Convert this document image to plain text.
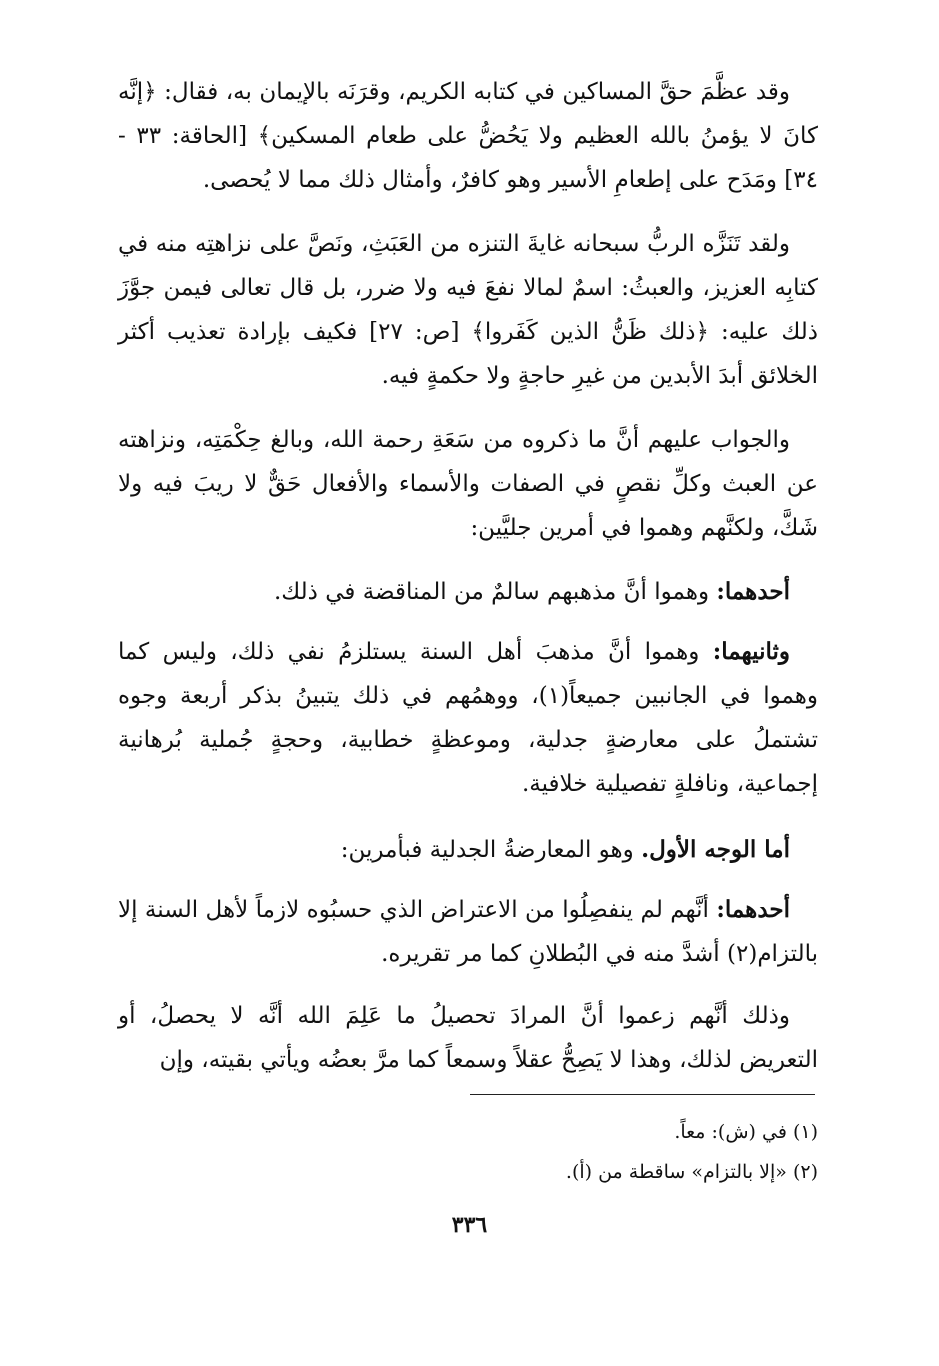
وقد عظَّمَ حقَّ المساكين في كتابه الكريم، وقرَنَه بالإيمان به، فقال: ﴿إنَّه كانَ لا يؤمنُ بالله العظيم ولا يَحُضُّ على طعام المسكين﴾ [الحاقة: ٣٣ - ٣٤] ومَدَح على إطعامِ الأسير وهو كافرٌ، وأمثال ذلك مما لا يُحصى.

ولقد تَنَزَّه الربُّ سبحانه غايةَ التنزه من العَبَثِ، ونَصَّ على نزاهتِه منه في كتابِه العزيز، والعبثُ: اسمٌ لمالا نفعَ فيه ولا ضرر، بل قال تعالى فيمن جوَّزَ ذلك عليه: ﴿ذلك ظَنُّ الذين كَفَروا﴾ [ص: ٢٧] فكيف بإرادة تعذيب أكثر الخلائق أبدَ الأبدين من غيرِ حاجةٍ ولا حكمةٍ فيه.

والجواب عليهم أنَّ ما ذكروه من سَعَةِ رحمة الله، وبالغ حِكْمَتِه، ونزاهته عن العبث وكلِّ نقصٍ في الصفات والأسماء والأفعال حَقٌّ لا ريبَ فيه ولا شَكَّ، ولكنَّهم وهموا في أمرين جليَّين:

أحدهما: وهموا أنَّ مذهبهم سالمٌ من المناقضة في ذلك.

وثانيهما: وهموا أنَّ مذهبَ أهل السنة يستلزمُ نفي ذلك، وليس كما وهموا في الجانبين جميعاً(١)، ووهمُهم في ذلك يتبينُ بذكر أربعة وجوه تشتملُ على معارضةٍ جدلية، وموعظةٍ خطابية، وحجةٍ جُملية بُرهانية إجماعية، ونافلةٍ تفصيلية خلافية.

أما الوجه الأول. وهو المعارضةُ الجدلية فبأمرين:

أحدهما: أنَّهم لم ينفصِلُوا من الاعتراض الذي حسبُوه لازماً لأهل السنة إلا بالتزام(٢) أشدَّ منه في البُطلانِ كما مر تقريره.

وذلك أنَّهم زعموا أنَّ المرادَ تحصيلُ ما عَلِمَ الله أنَّه لا يحصلُ، أو التعريض لذلك، وهذا لا يَصِحُّ عقلاً وسمعاً كما مرَّ بعضُه ويأتي بقيته، وإن

(١) في (ش): معاً.
(٢) «إلا بالتزام» ساقطة من (أ).
٣٣٦
